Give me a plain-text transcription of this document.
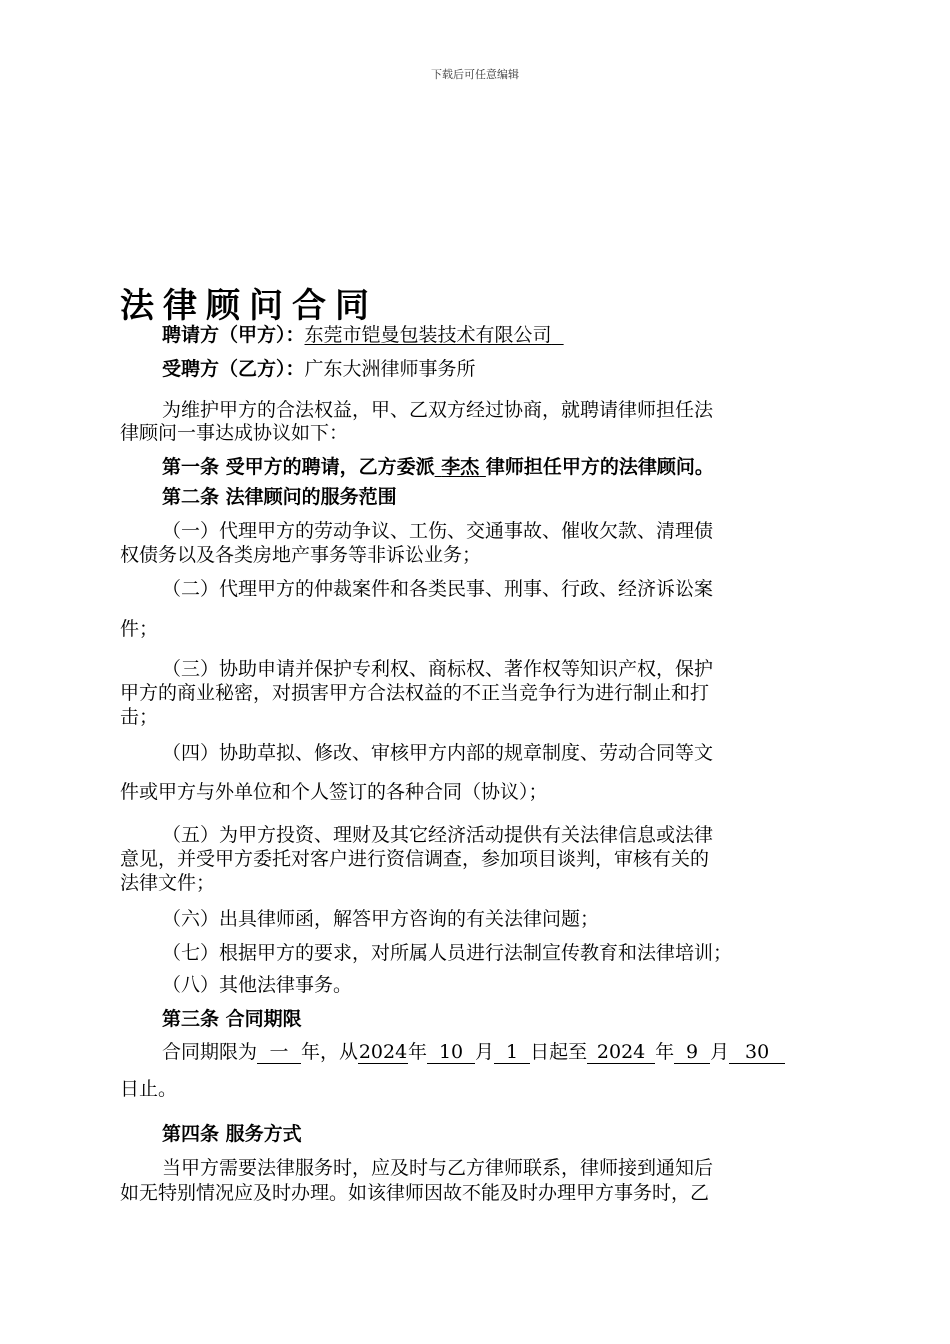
下载后可任意编辑
法律顾问合同
聘请方（甲方）：东莞市铠曼包装技术有限公司
受聘方（乙方）：广东大洲律师事务所
为维护甲方的合法权益，甲、乙双方经过协商，就聘请律师担任法
律顾问一事达成协议如下：
第一条 受甲方的聘请，乙方委派 李杰 律师担任甲方的法律顾问。
第二条 法律顾问的服务范围
（一）代理甲方的劳动争议、工伤、交通事故、催收欠款、清理债
权债务以及各类房地产事务等非诉讼业务；
（二）代理甲方的仲裁案件和各类民事、刑事、行政、经济诉讼案
件；
（三）协助申请并保护专利权、商标权、著作权等知识产权，保护
甲方的商业秘密，对损害甲方合法权益的不正当竞争行为进行制止和打
击；
（四）协助草拟、修改、审核甲方内部的规章制度、劳动合同等文
件或甲方与外单位和个人签订的各种合同（协议）；
（五）为甲方投资、理财及其它经济活动提供有关法律信息或法律
意见，并受甲方委托对客户进行资信调查，参加项目谈判，审核有关的
法律文件；
（六）出具律师函，解答甲方咨询的有关法律问题；
（七）根据甲方的要求，对所属人员进行法制宣传教育和法律培训；
（八）其他法律事务。
第三条 合同期限
合同期限为 一 年，从2024年 10 月 1 日起至 2024 年 9 月 30
日止。
第四条 服务方式
当甲方需要法律服务时，应及时与乙方律师联系，律师接到通知后
如无特别情况应及时办理。如该律师因故不能及时办理甲方事务时，乙
